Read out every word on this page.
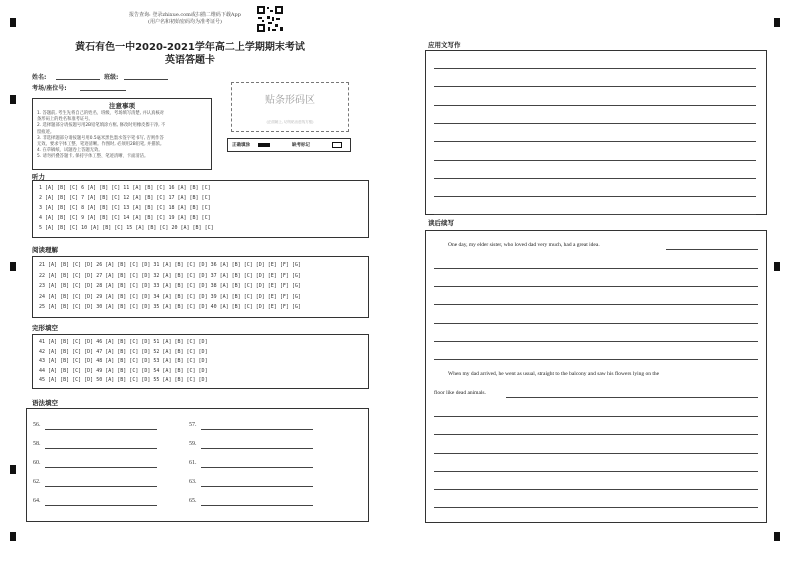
报告查询: 登录zhixue.com或扫描二维码下载App
(用户名和初始密码均为准考证号)
黄石有色一中2020-2021学年高二上学期期末考试
英语答题卡
姓名:	班级:
考场/座位号:
注意事项
1. 答题前, 考生先将自己的姓名、班级、考场填写清楚, 并认真核对
条形码上的姓名和准考证号。
2. 选择题部分请按题号用2B铅笔填涂方框, 修改时用橡皮擦干净, 不
留痕迹。
3. 非选择题部分请按题号用0.5毫米黑色墨水签字笔书写, 否则作答
无效。要求字体工整、笔迹清晰。作图时, 必须用2B铅笔, 并描浓。
4. 在草稿纸、试题卷上答题无效。
5. 请勿折叠答题卡, 保持字体工整、笔迹清晰、卡面清洁。
贴条形码区
(正面朝上, 切勿贴出虚线方框)
正确填涂	缺考标记
听力
1 [A] [B] [C] 6 [A] [B] [C] 11 [A] [B] [C] 16 [A] [B] [C]
2 [A] [B] [C] 7 [A] [B] [C] 12 [A] [B] [C] 17 [A] [B] [C]
3 [A] [B] [C] 8 [A] [B] [C] 13 [A] [B] [C] 18 [A] [B] [C]
4 [A] [B] [C] 9 [A] [B] [C] 14 [A] [B] [C] 19 [A] [B] [C]
5 [A] [B] [C] 10 [A] [B] [C] 15 [A] [B] [C] 20 [A] [B] [C]
阅读理解
21 [A] [B] [C] [D] 26 [A] [B] [C] [D] 31 [A] [B] [C] [D] 36 [A] [B] [C] [D] [E] [F] [G]
22 [A] [B] [C] [D] 27 [A] [B] [C] [D] 32 [A] [B] [C] [D] 37 [A] [B] [C] [D] [E] [F] [G]
23 [A] [B] [C] [D] 28 [A] [B] [C] [D] 33 [A] [B] [C] [D] 38 [A] [B] [C] [D] [E] [F] [G]
24 [A] [B] [C] [D] 29 [A] [B] [C] [D] 34 [A] [B] [C] [D] 39 [A] [B] [C] [D] [E] [F] [G]
25 [A] [B] [C] [D] 30 [A] [B] [C] [D] 35 [A] [B] [C] [D] 40 [A] [B] [C] [D] [E] [F] [G]
完形填空
41 [A] [B] [C] [D] 46 [A] [B] [C] [D] 51 [A] [B] [C] [D]
42 [A] [B] [C] [D] 47 [A] [B] [C] [D] 52 [A] [B] [C] [D]
43 [A] [B] [C] [D] 48 [A] [B] [C] [D] 53 [A] [B] [C] [D]
44 [A] [B] [C] [D] 49 [A] [B] [C] [D] 54 [A] [B] [C] [D]
45 [A] [B] [C] [D] 50 [A] [B] [C] [D] 55 [A] [B] [C] [D]
语法填空
56.
58.
60.
62.
64.
57.
59.
61.
63.
65.
应用文写作
读后续写
One day, my elder sister, who loved dad very much, had a great idea.
When my dad arrived, he went as usual, straight to the balcony and saw his flowers lying on the
floor like dead animals.
